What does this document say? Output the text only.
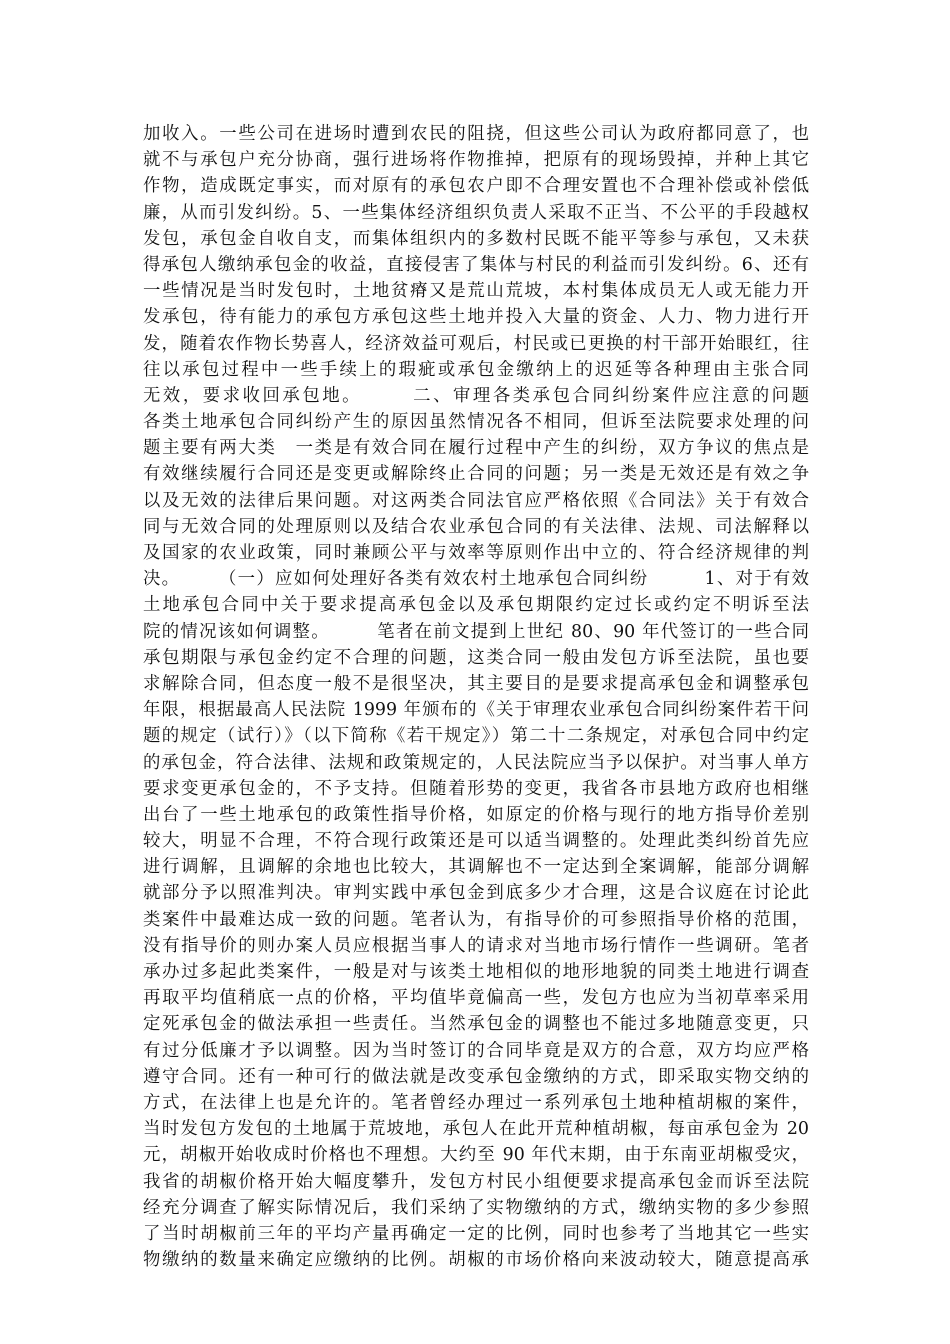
加收入。一些公司在进场时遭到农民的阻挠，但这些公司认为政府都同意了，也
就不与承包户充分协商，强行进场将作物推掉，把原有的现场毁掉，并种上其它
作物，造成既定事实，而对原有的承包农户即不合理安置也不合理补偿或补偿低
廉，从而引发纠纷。5、一些集体经济组织负责人采取不正当、不公平的手段越权
发包，承包金自收自支，而集体组织内的多数村民既不能平等参与承包，又未获
得承包人缴纳承包金的收益，直接侵害了集体与村民的利益而引发纠纷。6、还有
一些情况是当时发包时，土地贫瘠又是荒山荒坡，本村集体成员无人或无能力开
发承包，待有能力的承包方承包这些土地并投入大量的资金、人力、物力进行开
发，随着农作物长势喜人，经济效益可观后，村民或已更换的村干部开始眼红，往
往以承包过程中一些手续上的瑕疵或承包金缴纳上的迟延等各种理由主张合同
无效，要求收回承包地。　　　二、审理各类承包合同纠纷案件应注意的问题
各类土地承包合同纠纷产生的原因虽然情况各不相同，但诉至法院要求处理的问
题主要有两大类　一类是有效合同在履行过程中产生的纠纷，双方争议的焦点是
有效继续履行合同还是变更或解除终止合同的问题；另一类是无效还是有效之争
以及无效的法律后果问题。对这两类合同法官应严格依照《合同法》关于有效合
同与无效合同的处理原则以及结合农业承包合同的有关法律、法规、司法解释以
及国家的农业政策，同时兼顾公平与效率等原则作出中立的、符合经济规律的判
决。　　　（一）应如何处理好各类有效农村土地承包合同纠纷　　　1、对于有效
土地承包合同中关于要求提高承包金以及承包期限约定过长或约定不明诉至法
院的情况该如何调整。　　　笔者在前文提到上世纪 80、90 年代签订的一些合同
承包期限与承包金约定不合理的问题，这类合同一般由发包方诉至法院，虽也要
求解除合同，但态度一般不是很坚决，其主要目的是要求提高承包金和调整承包
年限，根据最高人民法院 1999 年颁布的《关于审理农业承包合同纠纷案件若干问
题的规定（试行）》（以下简称《若干规定》）第二十二条规定，对承包合同中约定
的承包金，符合法律、法规和政策规定的，人民法院应当予以保护。对当事人单方
要求变更承包金的，不予支持。但随着形势的变更，我省各市县地方政府也相继
出台了一些土地承包的政策性指导价格，如原定的价格与现行的地方指导价差别
较大，明显不合理，不符合现行政策还是可以适当调整的。处理此类纠纷首先应
进行调解，且调解的余地也比较大，其调解也不一定达到全案调解，能部分调解
就部分予以照准判决。审判实践中承包金到底多少才合理，这是合议庭在讨论此
类案件中最难达成一致的问题。笔者认为，有指导价的可参照指导价格的范围，
没有指导价的则办案人员应根据当事人的请求对当地市场行情作一些调研。笔者
承办过多起此类案件，一般是对与该类土地相似的地形地貌的同类土地进行调查
再取平均值稍底一点的价格，平均值毕竟偏高一些，发包方也应为当初草率采用
定死承包金的做法承担一些责任。当然承包金的调整也不能过多地随意变更，只
有过分低廉才予以调整。因为当时签订的合同毕竟是双方的合意，双方均应严格
遵守合同。还有一种可行的做法就是改变承包金缴纳的方式，即采取实物交纳的
方式，在法律上也是允许的。笔者曾经办理过一系列承包土地种植胡椒的案件，
当时发包方发包的土地属于荒坡地，承包人在此开荒种植胡椒，每亩承包金为 20
元，胡椒开始收成时价格也不理想。大约至 90 年代末期，由于东南亚胡椒受灾，
我省的胡椒价格开始大幅度攀升，发包方村民小组便要求提高承包金而诉至法院
经充分调查了解实际情况后，我们采纳了实物缴纳的方式，缴纳实物的多少参照
了当时胡椒前三年的平均产量再确定一定的比例，同时也参考了当地其它一些实
物缴纳的数量来确定应缴纳的比例。胡椒的市场价格向来波动较大，随意提高承
